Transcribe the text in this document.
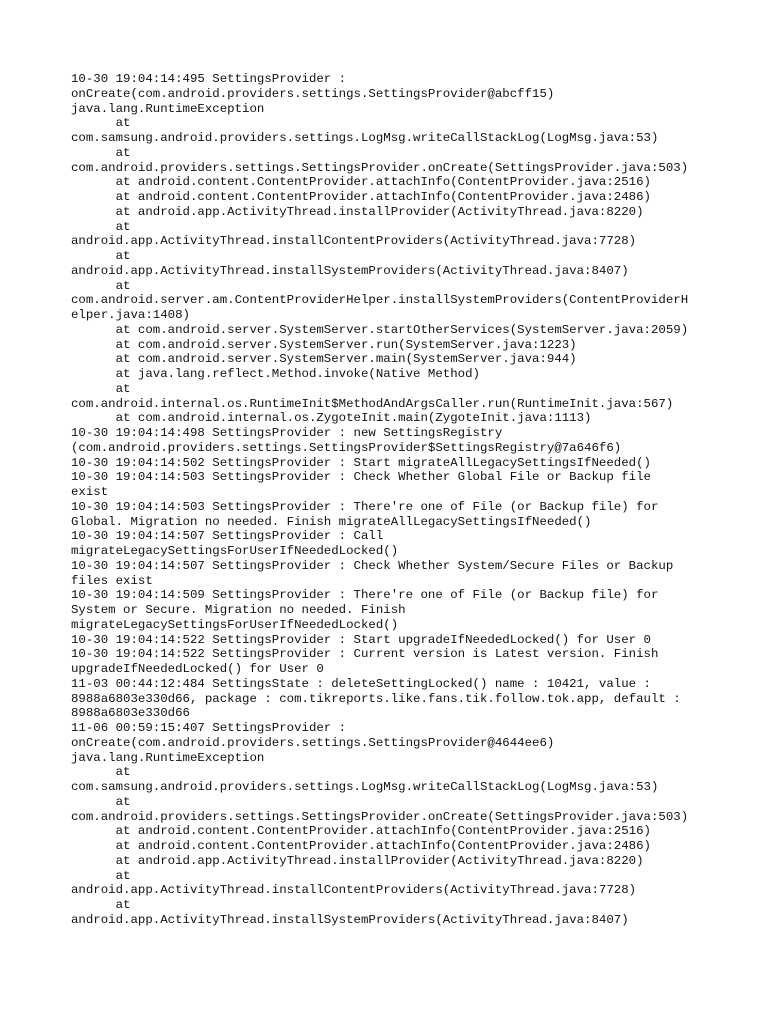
10-30 19:04:14:495 SettingsProvider :
onCreate(com.android.providers.settings.SettingsProvider@abcff15)
java.lang.RuntimeException
at
com.samsung.android.providers.settings.LogMsg.writeCallStackLog(LogMsg.java:53)
at
com.android.providers.settings.SettingsProvider.onCreate(SettingsProvider.java:503)
at android.content.ContentProvider.attachInfo(ContentProvider.java:2516)
at android.content.ContentProvider.attachInfo(ContentProvider.java:2486)
at android.app.ActivityThread.installProvider(ActivityThread.java:8220)
at
android.app.ActivityThread.installContentProviders(ActivityThread.java:7728)
at
android.app.ActivityThread.installSystemProviders(ActivityThread.java:8407)
at
com.android.server.am.ContentProviderHelper.installSystemProviders(ContentProviderH
elper.java:1408)
at com.android.server.SystemServer.startOtherServices(SystemServer.java:2059)
at com.android.server.SystemServer.run(SystemServer.java:1223)
at com.android.server.SystemServer.main(SystemServer.java:944)
at java.lang.reflect.Method.invoke(Native Method)
at
com.android.internal.os.RuntimeInit$MethodAndArgsCaller.run(RuntimeInit.java:567)
at com.android.internal.os.ZygoteInit.main(ZygoteInit.java:1113)
10-30 19:04:14:498 SettingsProvider : new SettingsRegistry
(com.android.providers.settings.SettingsProvider$SettingsRegistry@7a646f6)
10-30 19:04:14:502 SettingsProvider : Start migrateAllLegacySettingsIfNeeded()
10-30 19:04:14:503 SettingsProvider : Check Whether Global File or Backup file
exist
10-30 19:04:14:503 SettingsProvider : There're one of File (or Backup file) for
Global. Migration no needed. Finish migrateAllLegacySettingsIfNeeded()
10-30 19:04:14:507 SettingsProvider : Call
migrateLegacySettingsForUserIfNeededLocked()
10-30 19:04:14:507 SettingsProvider : Check Whether System/Secure Files or Backup
files exist
10-30 19:04:14:509 SettingsProvider : There're one of File (or Backup file) for
System or Secure. Migration no needed. Finish
migrateLegacySettingsForUserIfNeededLocked()
10-30 19:04:14:522 SettingsProvider : Start upgradeIfNeededLocked() for User 0
10-30 19:04:14:522 SettingsProvider : Current version is Latest version. Finish
upgradeIfNeededLocked() for User 0
11-03 00:44:12:484 SettingsState : deleteSettingLocked() name : 10421, value :
8988a6803e330d66, package : com.tikreports.like.fans.tik.follow.tok.app, default :
8988a6803e330d66
11-06 00:59:15:407 SettingsProvider :
onCreate(com.android.providers.settings.SettingsProvider@4644ee6)
java.lang.RuntimeException
at
com.samsung.android.providers.settings.LogMsg.writeCallStackLog(LogMsg.java:53)
at
com.android.providers.settings.SettingsProvider.onCreate(SettingsProvider.java:503)
at android.content.ContentProvider.attachInfo(ContentProvider.java:2516)
at android.content.ContentProvider.attachInfo(ContentProvider.java:2486)
at android.app.ActivityThread.installProvider(ActivityThread.java:8220)
at
android.app.ActivityThread.installContentProviders(ActivityThread.java:7728)
at
android.app.ActivityThread.installSystemProviders(ActivityThread.java:8407)
